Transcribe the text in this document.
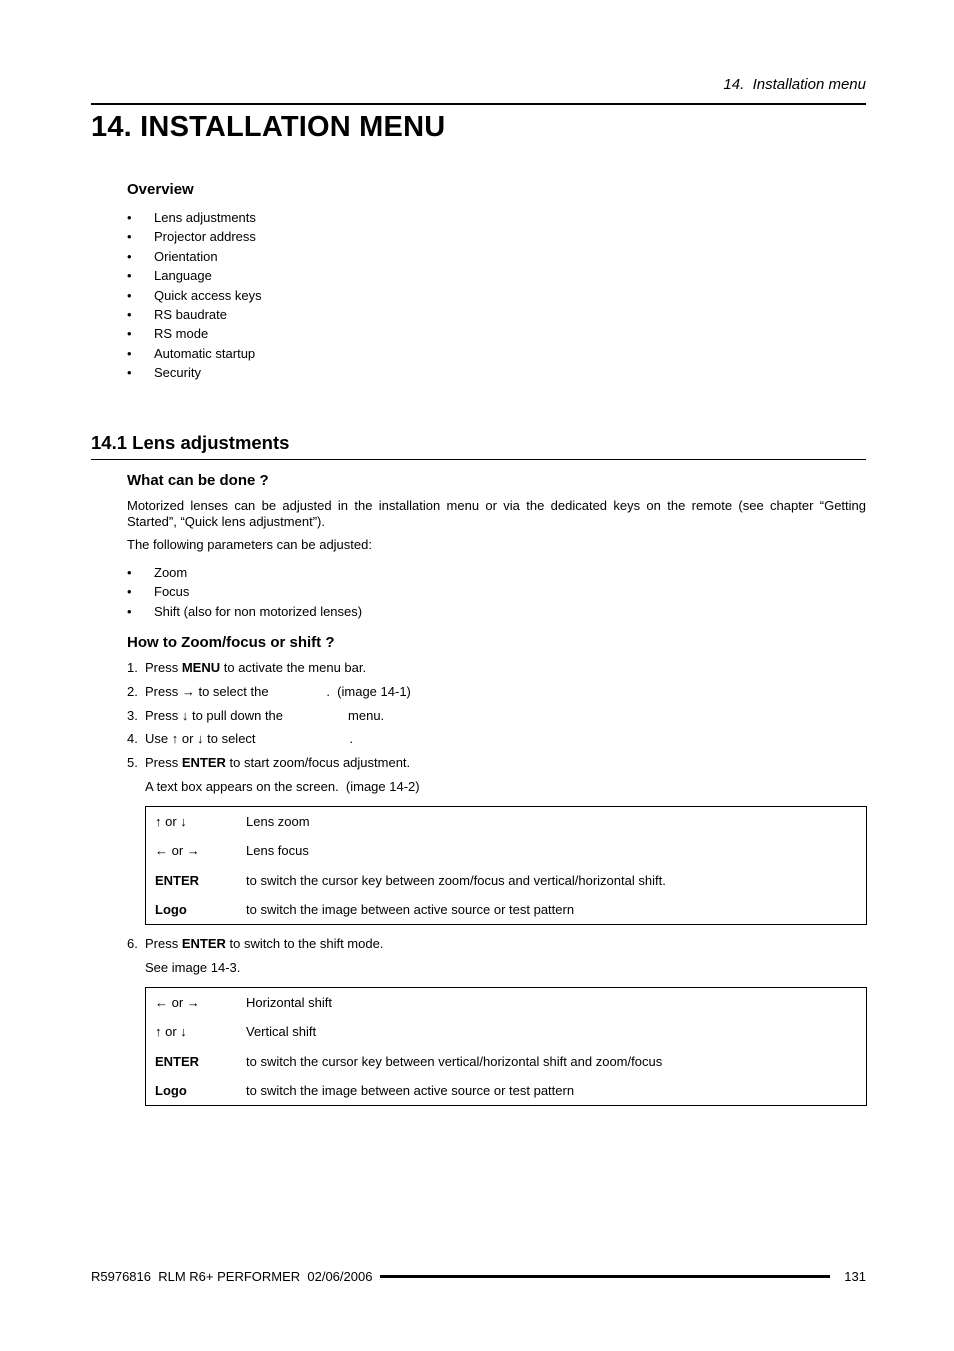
14.  Installation menu
14. INSTALLATION MENU
Overview
• Lens adjustments
• Projector address
• Orientation
• Language
• Quick access keys
• RS baudrate
• RS mode
• Automatic startup
• Security
14.1 Lens adjustments
What can be done ?

Motorized lenses can be adjusted in the installation menu or via the dedicated keys on the remote (see chapter “Getting Started”, “Quick lens adjustment”).

The following parameters can be adjusted:

• Zoom
• Focus
• Shift (also for non motorized lenses)
How to Zoom/focus or shift ?
1. Press MENU to activate the menu bar.
2. Press → to select the                .  (image 14-1)
3. Press ↓ to pull down the                  menu.
4. Use ↑ or ↓ to select                          .
5. Press ENTER to start zoom/focus adjustment.
A text box appears on the screen.  (image 14-2)
↑ or ↓	Lens zoom
← or →	Lens focus
ENTER	to switch the cursor key between zoom/focus and vertical/horizontal shift.
Logo	to switch the image between active source or test pattern
6. Press ENTER to switch to the shift mode.
See image 14-3.
← or →	Horizontal shift
↑ or ↓	Vertical shift
ENTER	to switch the cursor key between vertical/horizontal shift and zoom/focus
Logo	to switch the image between active source or test pattern
R5976816  RLM R6+ PERFORMER  02/06/2006	131
